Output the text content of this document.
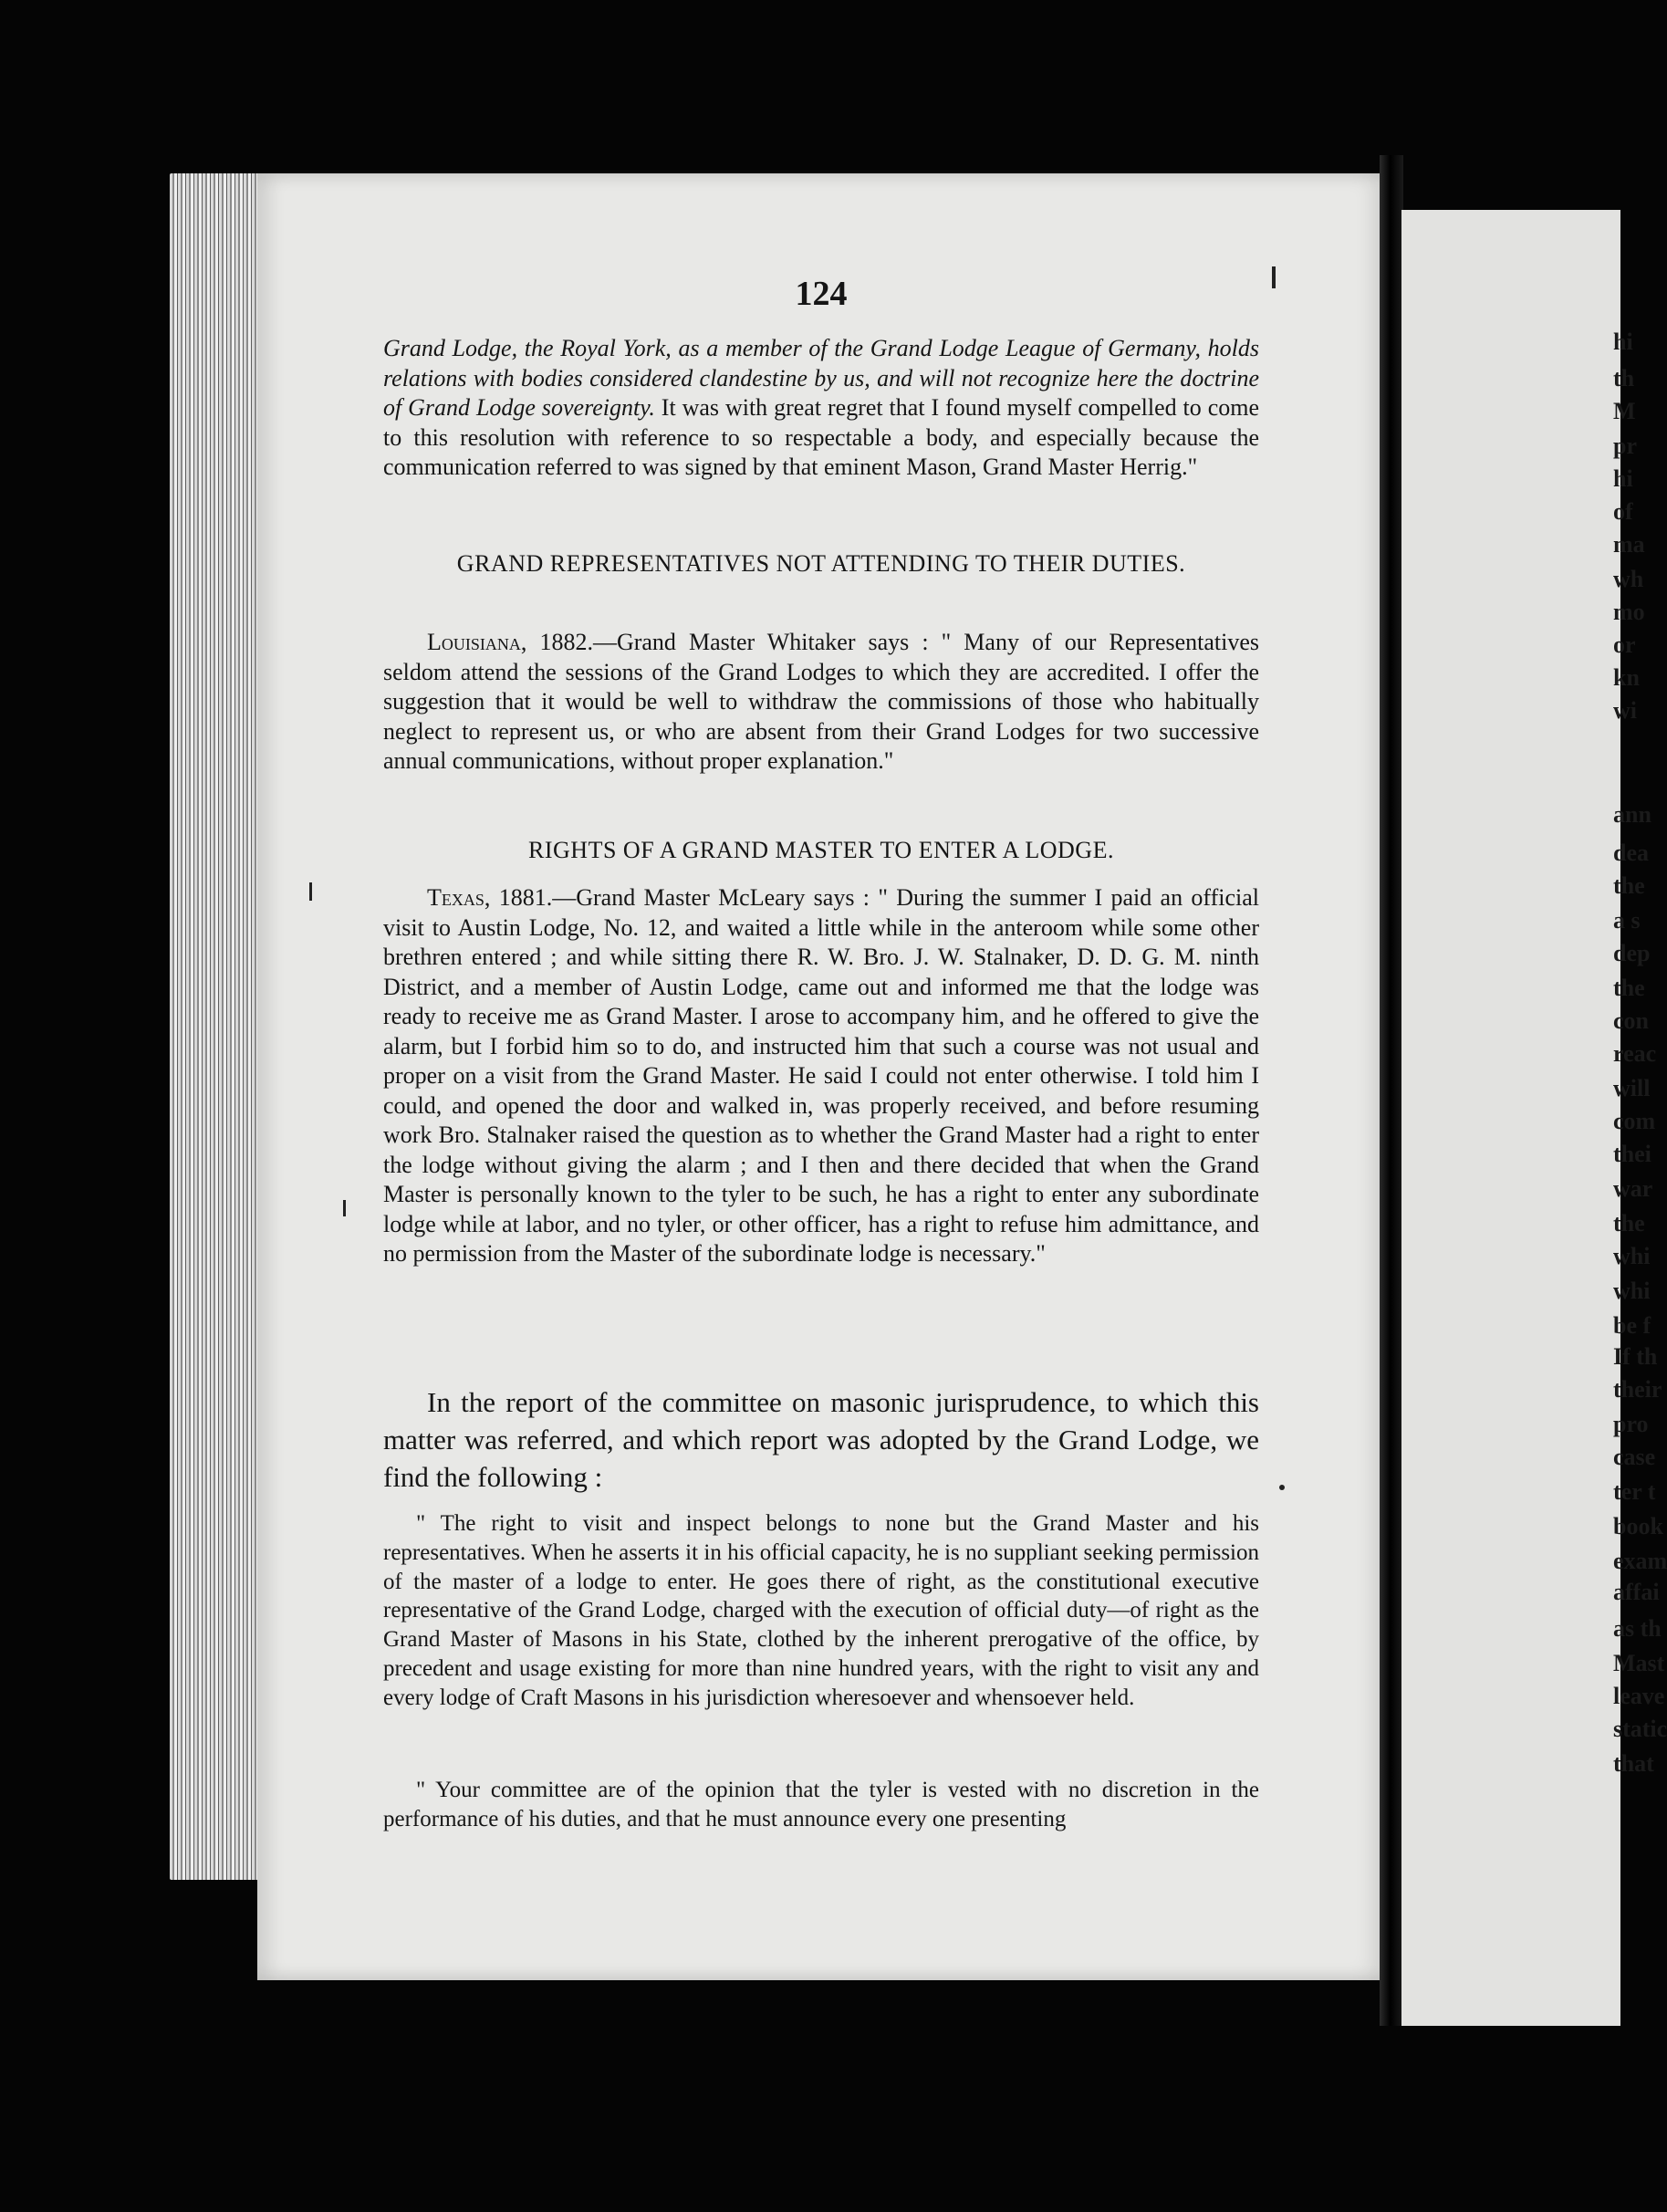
hi
th
M
pr
hi
of
ma
wh
mo
or
kn
wi
ann
dea
the
a s
dep
the
con
reac
will
com
thei
war
the
whi
whi
be f
If th
their
pro
case
ter t
book
exam
affai
as th
Mast
leave
static
that
124

Grand Lodge, the Royal York, as a member of the Grand Lodge League of Germany, holds relations with bodies considered clandestine by us, and will not recognize here the doctrine of Grand Lodge sovereignty. It was with great regret that I found myself compelled to come to this resolution with reference to so respectable a body, and especially because the communication referred to was signed by that eminent Mason, Grand Master Herrig."

GRAND REPRESENTATIVES NOT ATTENDING TO THEIR DUTIES.

Louisiana, 1882.—Grand Master Whitaker says : " Many of our Representatives seldom attend the sessions of the Grand Lodges to which they are accredited. I offer the suggestion that it would be well to withdraw the commissions of those who habitually neglect to represent us, or who are absent from their Grand Lodges for two successive annual communications, without proper explanation."

RIGHTS OF A GRAND MASTER TO ENTER A LODGE.

Texas, 1881.—Grand Master McLeary says : " During the summer I paid an official visit to Austin Lodge, No. 12, and waited a little while in the anteroom while some other brethren entered ; and while sitting there R. W. Bro. J. W. Stalnaker, D. D. G. M. ninth District, and a member of Austin Lodge, came out and informed me that the lodge was ready to receive me as Grand Master. I arose to accompany him, and he offered to give the alarm, but I forbid him so to do, and instructed him that such a course was not usual and proper on a visit from the Grand Master. He said I could not enter otherwise. I told him I could, and opened the door and walked in, was properly received, and before resuming work Bro. Stalnaker raised the question as to whether the Grand Master had a right to enter the lodge without giving the alarm ; and I then and there decided that when the Grand Master is personally known to the tyler to be such, he has a right to enter any subordinate lodge while at labor, and no tyler, or other officer, has a right to refuse him admittance, and no permission from the Master of the subordinate lodge is necessary."

In the report of the committee on masonic jurisprudence, to which this matter was referred, and which report was adopted by the Grand Lodge, we find the following :

" The right to visit and inspect belongs to none but the Grand Master and his representatives. When he asserts it in his official capacity, he is no suppliant seeking permission of the master of a lodge to enter. He goes there of right, as the constitutional executive representative of the Grand Lodge, charged with the execution of official duty—of right as the Grand Master of Masons in his State, clothed by the inherent prerogative of the office, by precedent and usage existing for more than nine hundred years, with the right to visit any and every lodge of Craft Masons in his jurisdiction wheresoever and whensoever held.

" Your committee are of the opinion that the tyler is vested with no discretion in the performance of his duties, and that he must announce every one presenting
